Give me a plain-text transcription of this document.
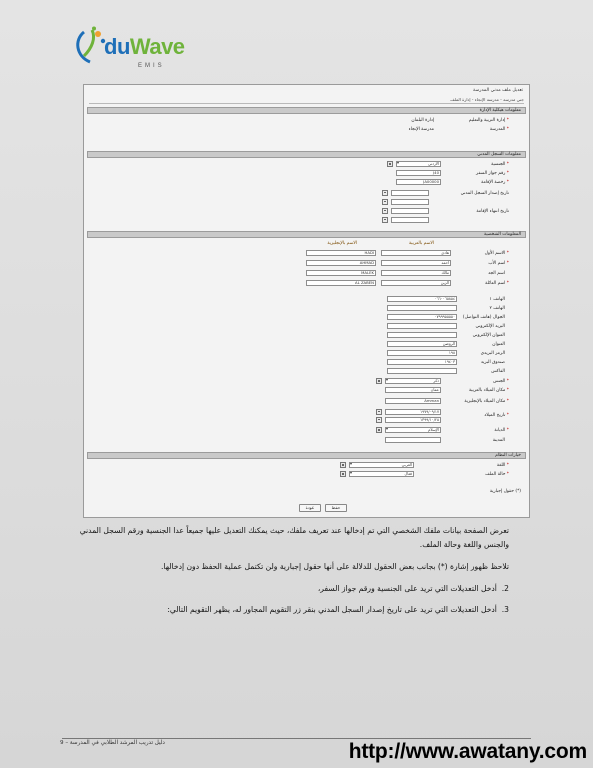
duWave
EMIS
تعديل ملف مدني المدرسة
جني مدرسة - مدرسة الإنجاء - إدارة الملف
معلومات هيكلية الإدارة
* إدارة التربية والتعليم
إدارة البلمان
* المدرسة
مدرسة الإنجاء
معلومات السجل المدني
* الجنسية
▾ الأردني
* رقم جواز السفر
J40
* رخصة الإقامة
JA00000
تاريخ إصدار السجل المدني
تاريخ انتهاء الإقامة
المعلومات الشخصية
الاسم بالعربية
الاسم بالإنجليزية
* الاسم الأول
هادي
HADI
* اسم الأب
أحمد
AHMAD
اسم الجد
مالك
MALEK
* اسم العائلة
الزبن
AL ZABEN
الهاتف ١
٠٦٦٠٠٦٥٨٥٤
الهاتف ٢
الجوال (هاتف التواصل)
٠٧٩٩٩٥٥٥٥٠
البريد الإلكتروني
العنوان الإلكتروني
العنوان
الروضن
الرمز البريدي
١٩٨
صندوق البريد
١٩٤٠٣
الفاكس
* الجنس
▾ ذكر
* مكان الميلاد بالعربية
عمان
* مكان الميلاد بالإنجليزية
Amman
* تاريخ الميلاد
١٩٧٩/٠٩/١٧
١٣٩٩/١٠/٢٥
* الديانة
▾ الإسلام
المدينة
خيارات النظام
* اللغة
▾ العربي
* حالة الملف
▾ فعال
(*) حقول إجبارية
حفظ
عودة
تعرض الصفحة بيانات ملفك الشخصي التي تم إدخالها عند تعريف ملفك، حيث يمكنك التعديل عليها جميعاً عدا الجنسية ورقم السجل المدني والجنس واللغة وحالة الملف.
تلاحظ ظهور إشارة (*) بجانب بعض الحقول للدلالة على أنها حقول إجبارية ولن تكتمل عملية الحفظ دون إدخالها.
2.  أدخل التعديلات التي تريد على الجنسية ورقم جواز السفر،
3.  أدخل التعديلات التي تريد على تاريخ إصدار السجل المدني بنقر زر التقويم المجاور له، يظهر التقويم التالي:
دليل تدريب المرشد الطلابي في المدرسة – 9	http://www.awatany.com
